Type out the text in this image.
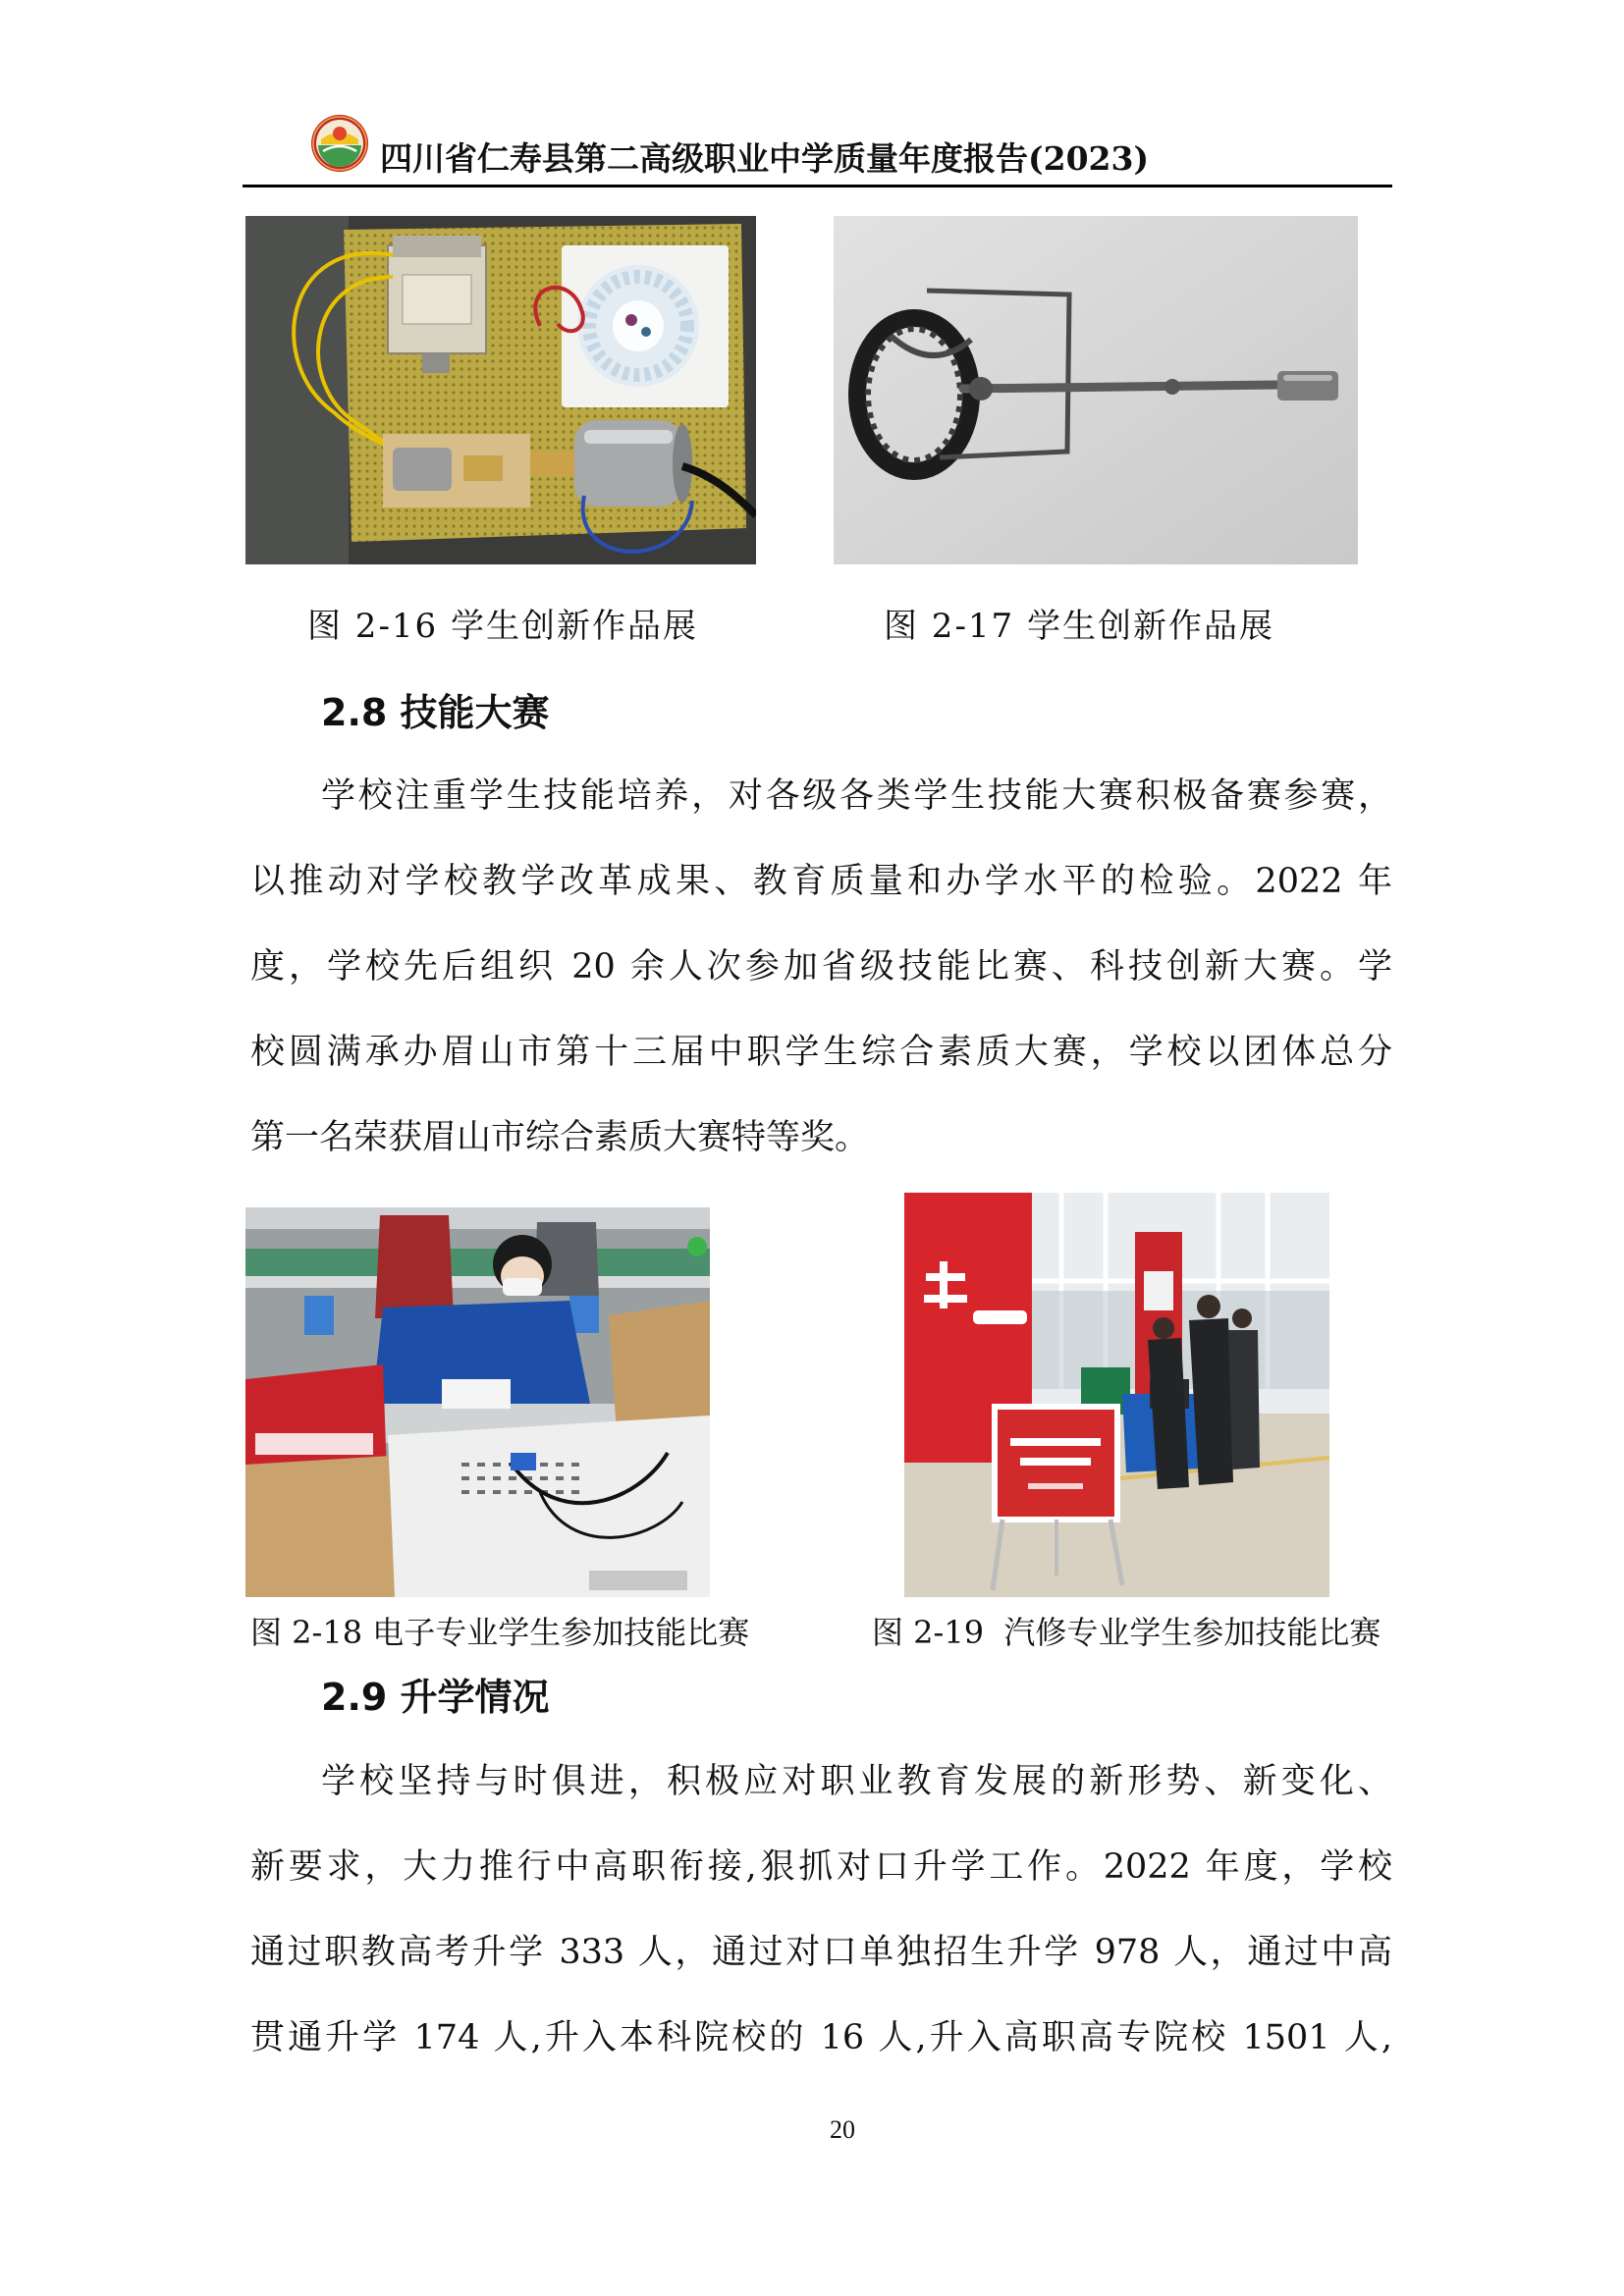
四川省仁寿县第二高级职业中学质量年度报告(2023)
图 2-16 学生创新作品展	图 2-17 学生创新作品展
2.8 技能大赛
学校注重学生技能培养，对各级各类学生技能大赛积极备赛参赛，
以推动对学校教学改革成果、教育质量和办学水平的检验。2022 年
度，学校先后组织 20 余人次参加省级技能比赛、科技创新大赛。学
校圆满承办眉山市第十三届中职学生综合素质大赛，学校以团体总分
第一名荣获眉山市综合素质大赛特等奖。
图 2-18 电子专业学生参加技能比赛	图 2-19  汽修专业学生参加技能比赛
2.9 升学情况
学校坚持与时俱进，积极应对职业教育发展的新形势、新变化、
新要求，大力推行中高职衔接,狠抓对口升学工作。2022 年度，学校
通过职教高考升学 333 人，通过对口单独招生升学 978 人，通过中高
贯通升学 174 人,升入本科院校的 16 人,升入高职高专院校 1501 人,
20
